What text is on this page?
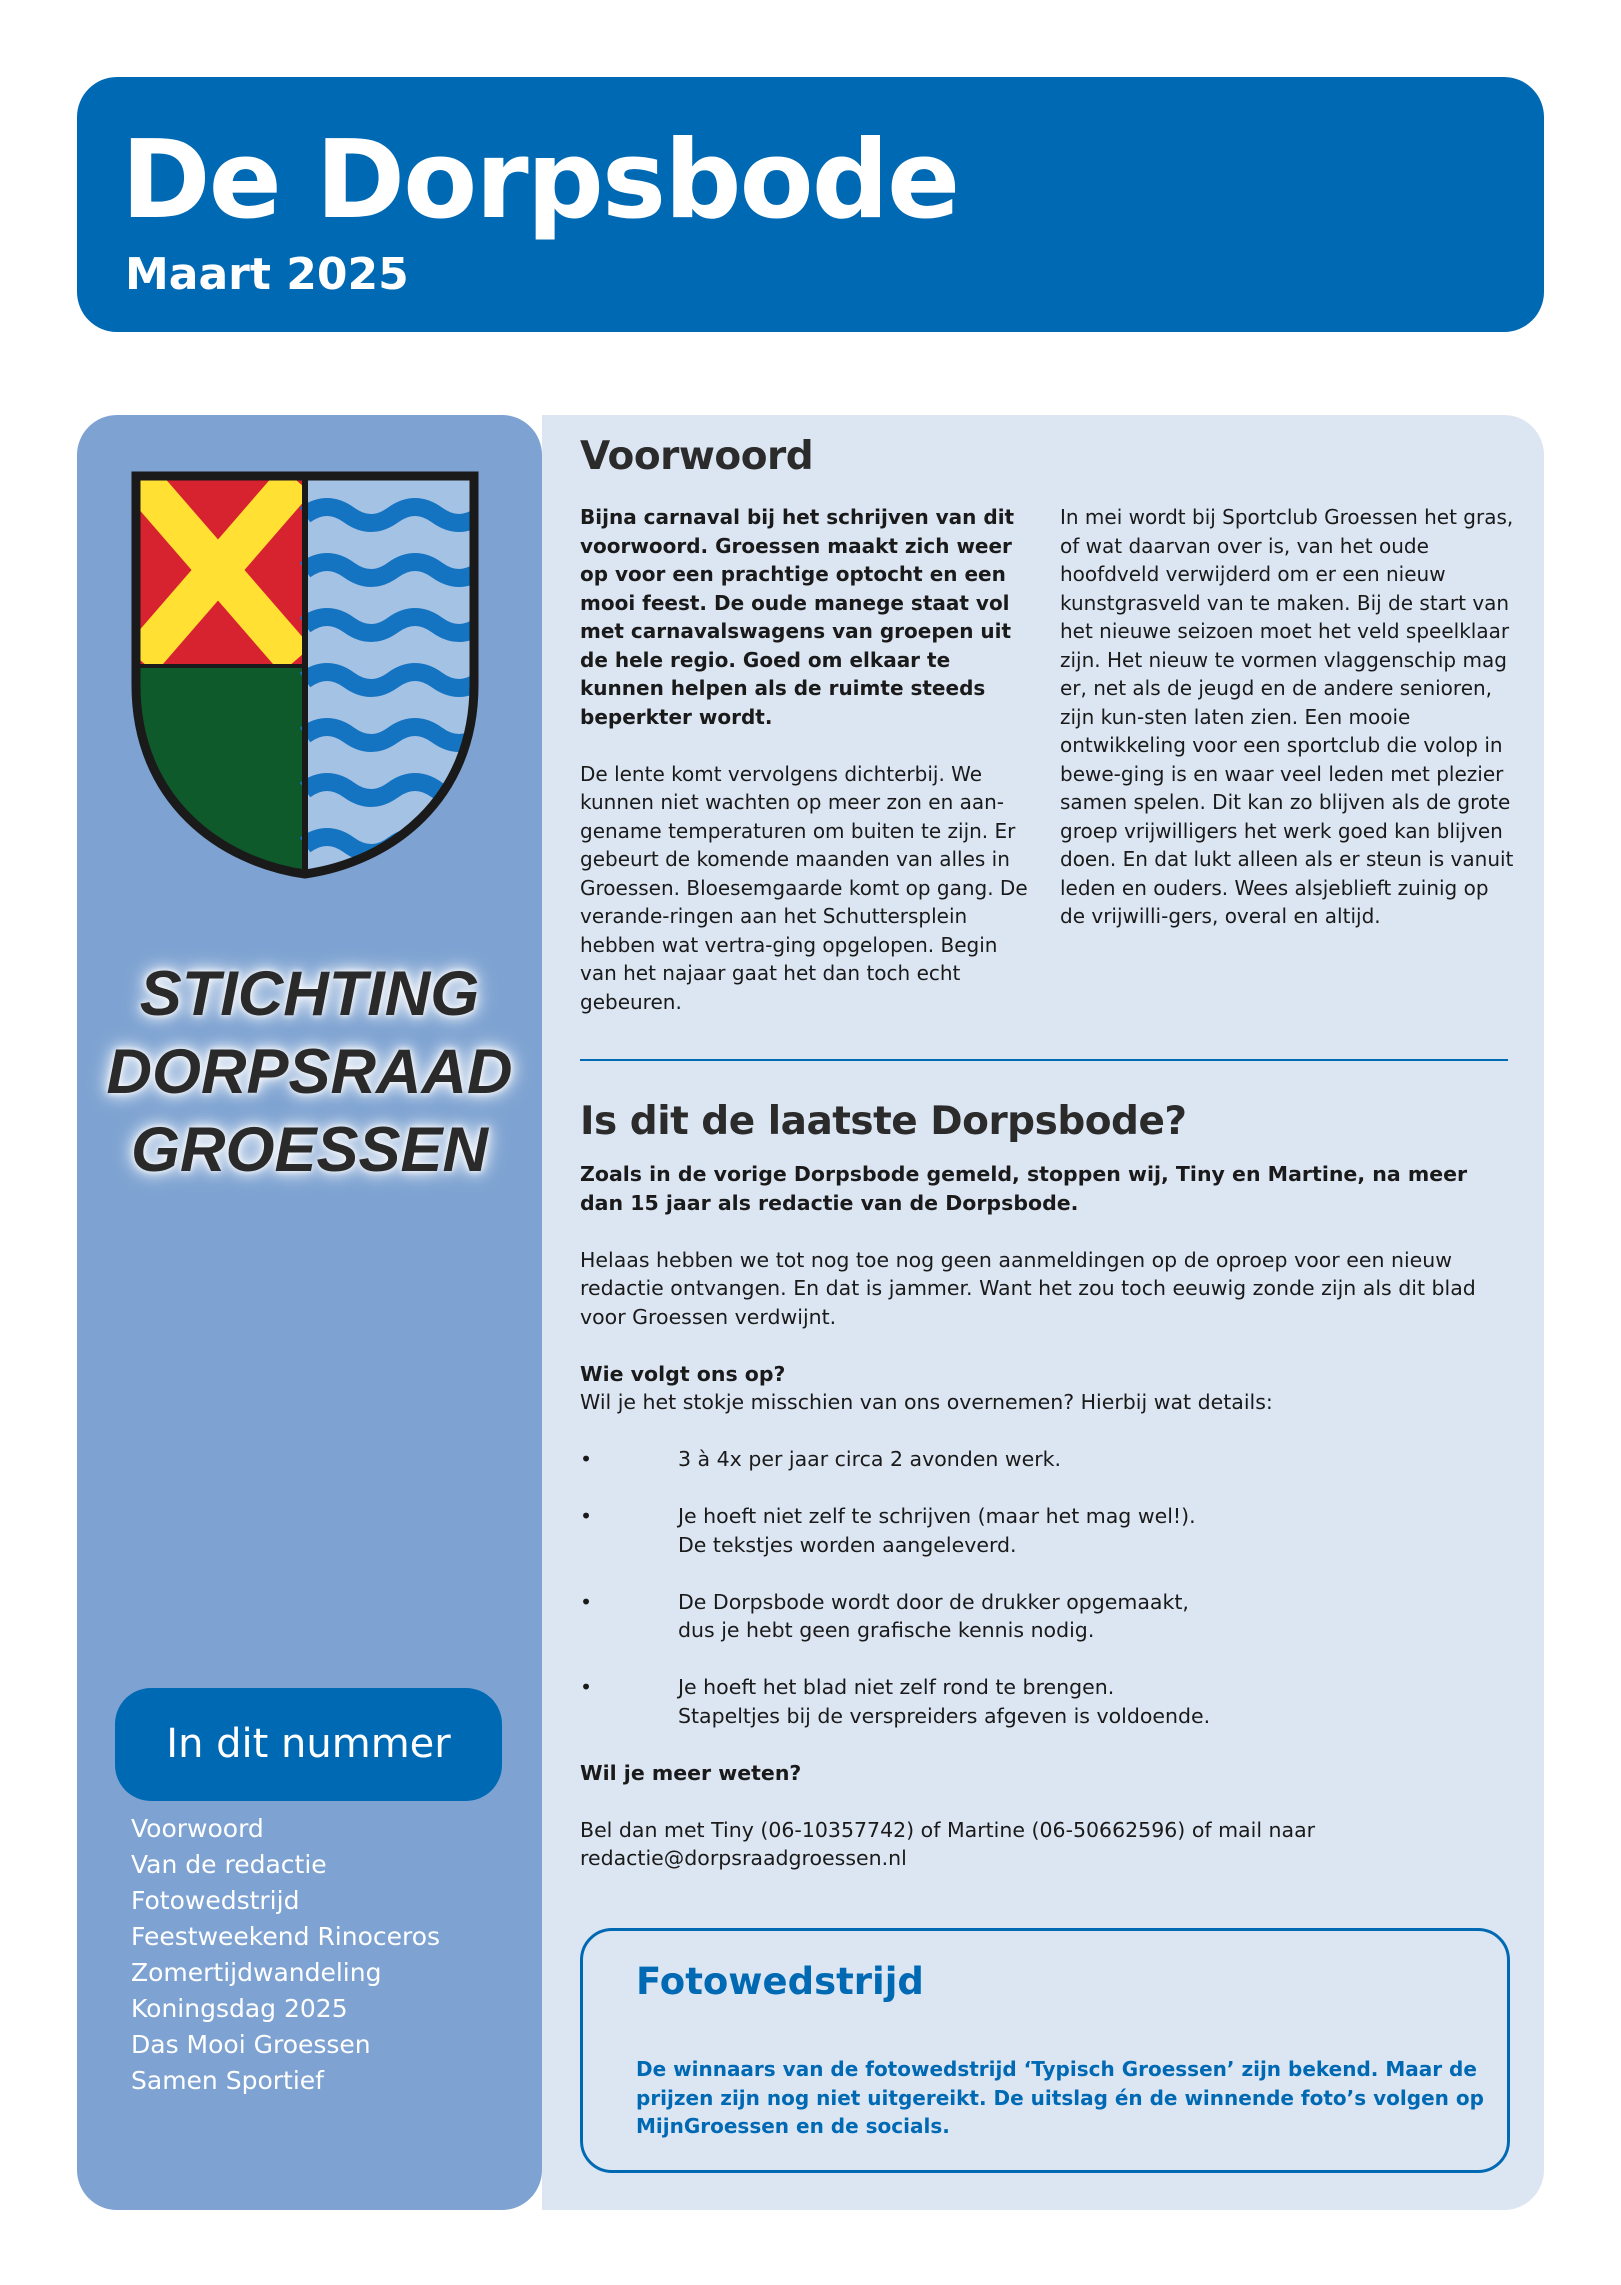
De Dorpsbode
Maart 2025
STICHTING
DORPSRAAD
GROESSEN
In dit nummer
Voorwoord
Van de redactie
Fotowedstrijd
Feestweekend Rinoceros
Zomertijdwandeling
Koningsdag 2025
Das Mooi Groessen
Samen Sportief
Voorwoord

Bijna carnaval bij het schrijven van dit voorwoord. Groessen maakt zich weer op voor een prachtige optocht en een mooi feest. De oude manege staat vol met carnavalswagens van groepen uit de hele regio. Goed om elkaar te kunnen helpen als de ruimte steeds beperkter wordt.

De lente komt vervolgens dichterbij. We kunnen niet wachten op meer zon en aan-gename temperaturen om buiten te zijn. Er gebeurt de komende maanden van alles in Groessen. Bloesemgaarde komt op gang. De verande-ringen aan het Schuttersplein hebben wat vertra-ging opgelopen. Begin van het najaar gaat het dan toch echt gebeuren.

In mei wordt bij Sportclub Groessen het gras, of wat daarvan over is, van het oude hoofdveld verwijderd om er een nieuw kunstgrasveld van te maken. Bij de start van het nieuwe seizoen moet het veld speelklaar zijn. Het nieuw te vormen vlaggenschip mag er, net als de jeugd en de andere senioren, zijn kun-sten laten zien. Een mooie ontwikkeling voor een sportclub die volop in bewe-ging is en waar veel leden met plezier samen spelen. Dit kan zo blijven als de grote groep vrijwilligers het werk goed kan blijven doen. En dat lukt alleen als er steun is vanuit leden en ouders. Wees alsjeblieft zuinig op de vrijwilli-gers, overal en altijd.

Is dit de laatste Dorpsbode?

Zoals in de vorige Dorpsbode gemeld, stoppen wij, Tiny en Martine, na meer dan 15 jaar als redactie van de Dorpsbode.

Helaas hebben we tot nog toe nog geen aanmeldingen op de oproep voor een nieuw redactie ontvangen. En dat is jammer. Want het zou toch eeuwig zonde zijn als dit blad voor Groessen verdwijnt.

Wie volgt ons op?
Wil je het stokje misschien van ons overnemen? Hierbij wat details:

•	3 à 4x per jaar circa 2 avonden werk.
•	Je hoeft niet zelf te schrijven (maar het mag wel!).
De tekstjes worden aangeleverd.
•	De Dorpsbode wordt door de drukker opgemaakt,
dus je hebt geen grafische kennis nodig.
•	Je hoeft het blad niet zelf rond te brengen.
Stapeltjes bij de verspreiders afgeven is voldoende.

Wil je meer weten?

Bel dan met Tiny (06-10357742) of Martine (06-50662596) of mail naar
redactie@dorpsraadgroessen.nl

Fotowedstrijd
De winnaars van de fotowedstrijd ‘Typisch Groessen’ zijn bekend. Maar de prijzen zijn nog niet uitgereikt. De uitslag én de winnende foto’s volgen op MijnGroessen en de socials.
